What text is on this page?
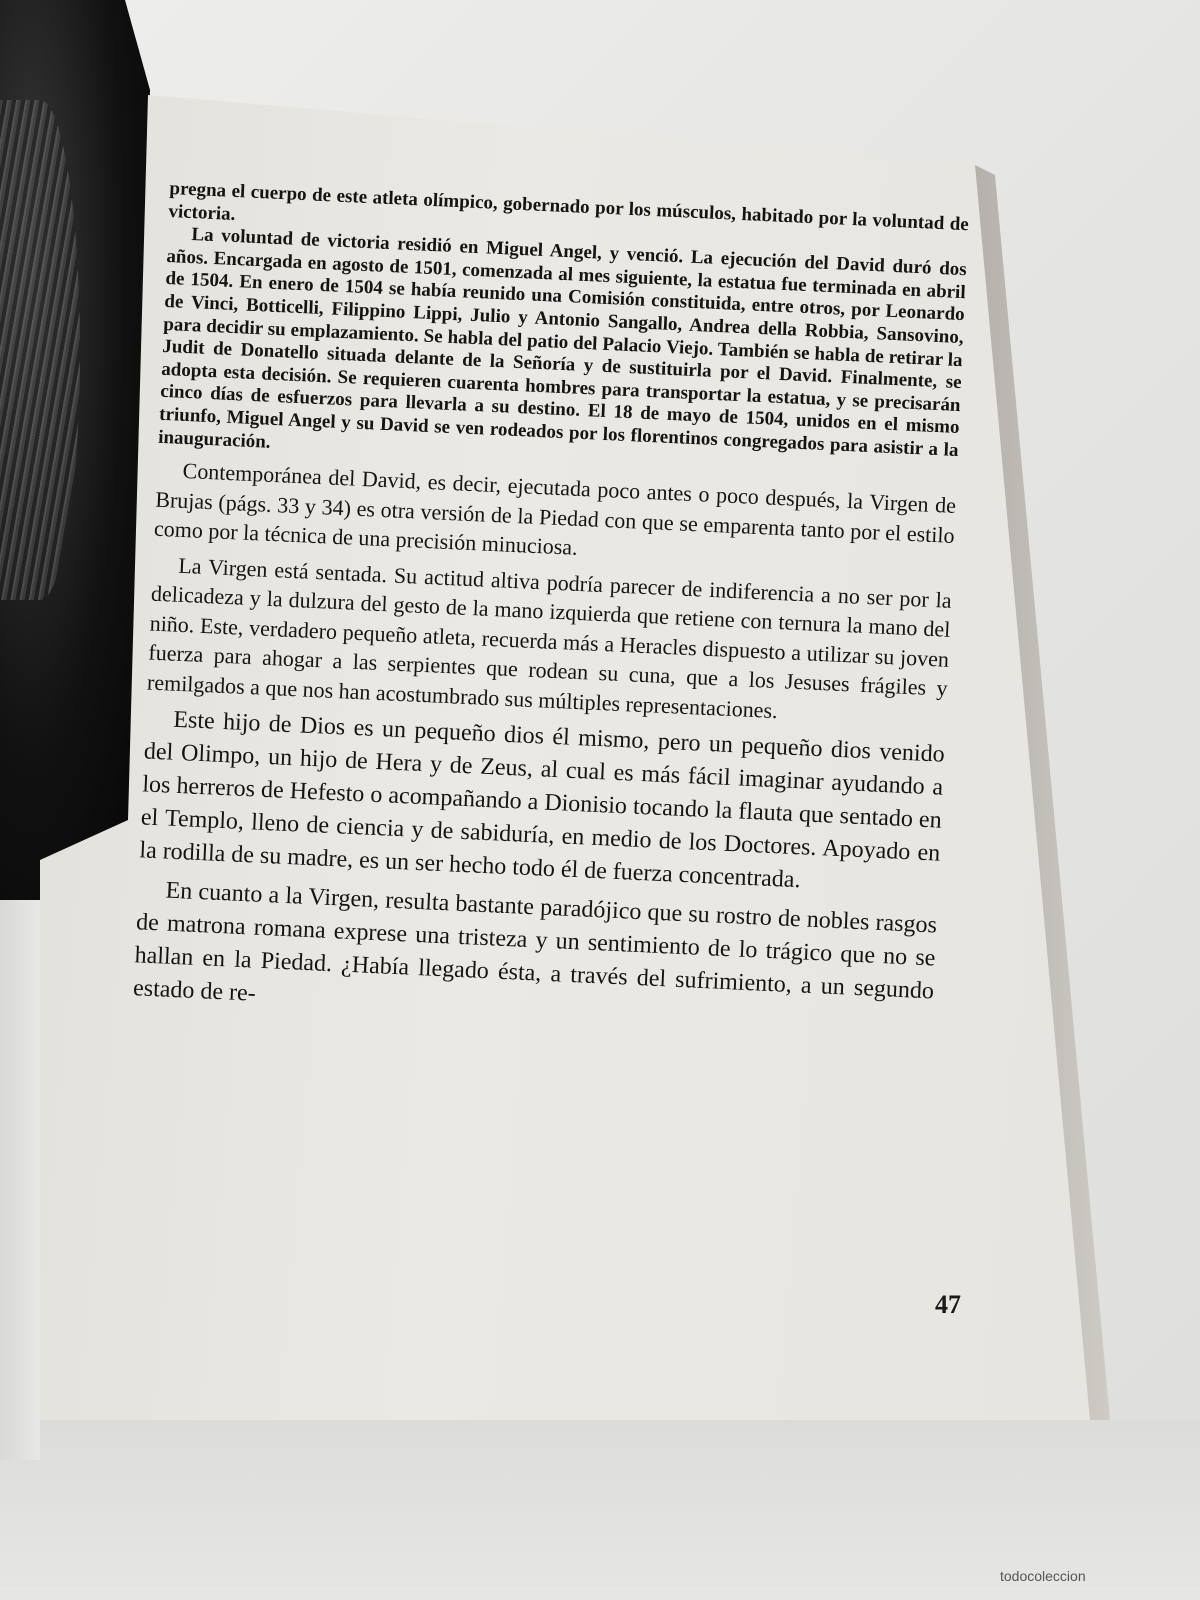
pregna el cuerpo de este atleta olímpico, gobernado por los músculos, habitado por la voluntad de victoria.

La voluntad de victoria residió en Miguel Angel, y venció. La ejecución del David duró dos años. Encargada en agosto de 1501, comenzada al mes siguiente, la estatua fue terminada en abril de 1504. En enero de 1504 se había reunido una Comisión constituida, entre otros, por Leonardo de Vinci, Botticelli, Filippino Lippi, Julio y Antonio Sangallo, Andrea della Robbia, Sansovino, para decidir su emplazamiento. Se habla del patio del Palacio Viejo. También se habla de retirar la Judit de Donatello situada delante de la Señoría y de sustituirla por el David. Finalmente, se adopta esta decisión. Se requieren cuarenta hombres para transportar la estatua, y se precisarán cinco días de esfuerzos para llevarla a su destino. El 18 de mayo de 1504, unidos en el mismo triunfo, Miguel Angel y su David se ven rodeados por los florentinos congregados para asistir a la inauguración.

Contemporánea del David, es decir, ejecutada poco antes o poco después, la Virgen de Brujas (págs. 33 y 34) es otra versión de la Piedad con que se emparenta tanto por el estilo como por la técnica de una precisión minuciosa.

La Virgen está sentada. Su actitud altiva podría parecer de indiferencia a no ser por la delicadeza y la dulzura del gesto de la mano izquierda que retiene con ternura la mano del niño. Este, verdadero pequeño atleta, recuerda más a Heracles dispuesto a utilizar su joven fuerza para ahogar a las serpientes que rodean su cuna, que a los Jesuses frágiles y remilgados a que nos han acostumbrado sus múltiples representaciones.

Este hijo de Dios es un pequeño dios él mismo, pero un pequeño dios venido del Olimpo, un hijo de Hera y de Zeus, al cual es más fácil imaginar ayudando a los herreros de Hefesto o acompañando a Dionisio tocando la flauta que sentado en el Templo, lleno de ciencia y de sabiduría, en medio de los Doctores. Apoyado en la rodilla de su madre, es un ser hecho todo él de fuerza concentrada.

En cuanto a la Virgen, resulta bastante paradójico que su rostro de nobles rasgos de matrona romana exprese una tristeza y un sentimiento de lo trágico que no se hallan en la Piedad. ¿Había llegado ésta, a través del sufrimiento, a un segundo estado de re-

47
todocoleccion
